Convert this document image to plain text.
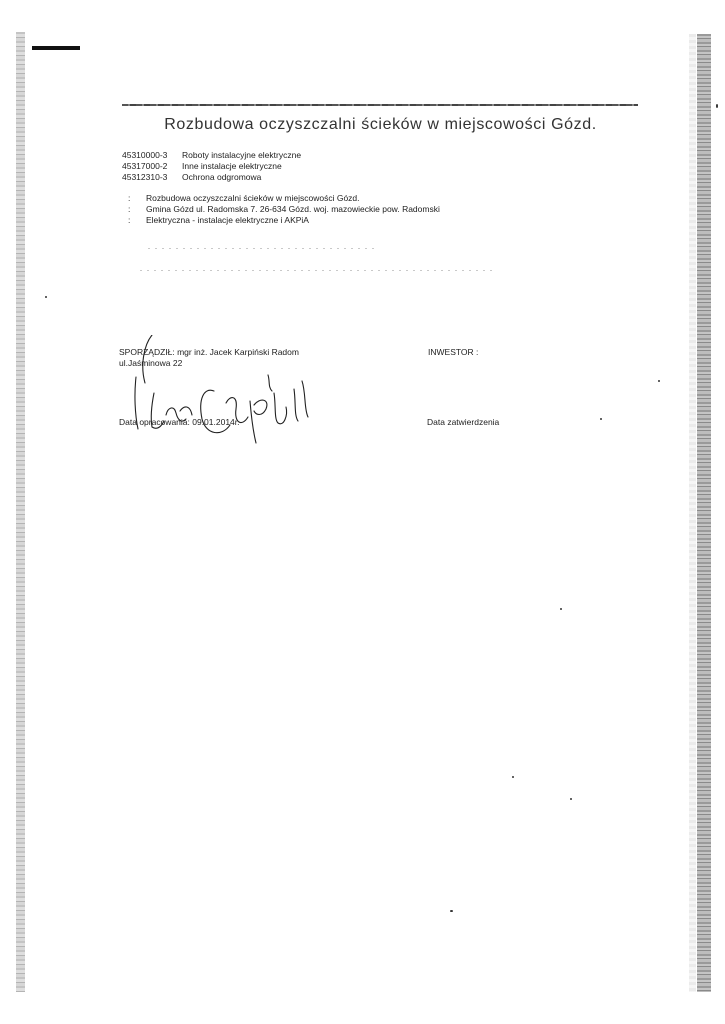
Rozbudowa oczyszczalni ścieków w miejscowości Gózd.
45310000-3	Roboty instalacyjne elektryczne
45317000-2	Inne instalacje elektryczne
45312310-3	Ochrona odgromowa
:	Rozbudowa oczyszczalni ścieków w miejscowości Gózd.
:	Gmina Gózd ul. Radomska 7. 26-634 Gózd. woj. mazowieckie pow. Radomski
:	Elektryczna - instalacje elektryczne i AKPiA
SPORZĄDZIŁ: mgr inż. Jacek Karpiński Radom
ul.Jaśminowa 22
INWESTOR :
Data opracowania: 09.01.2014r.	Data zatwierdzenia
